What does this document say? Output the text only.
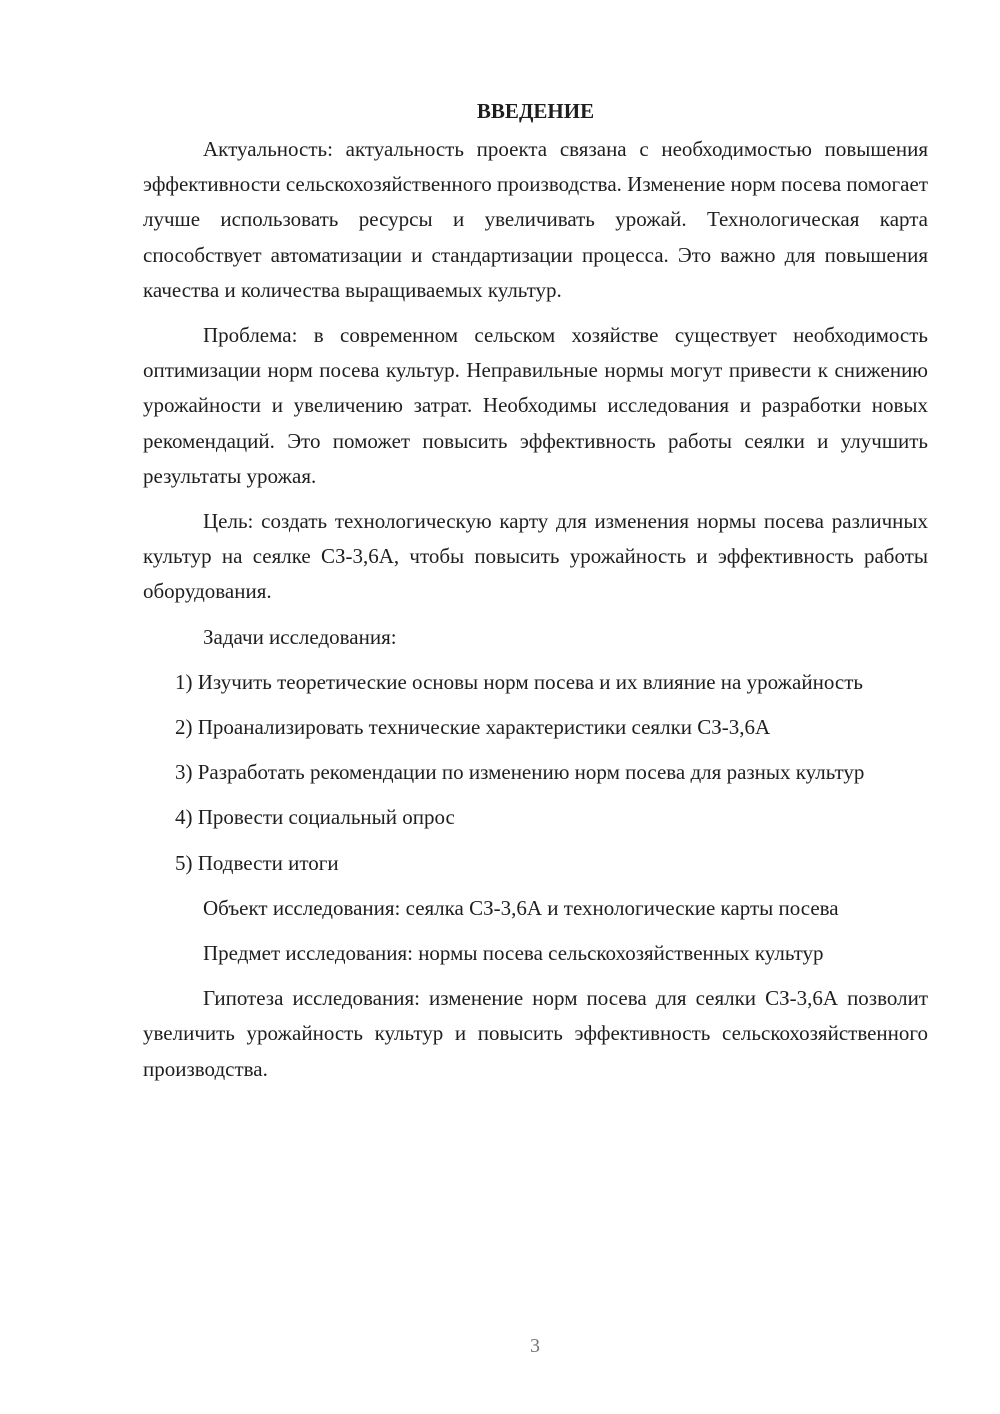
ВВЕДЕНИЕ

Актуальность: актуальность проекта связана с необходимостью повышения эффективности сельскохозяйственного производства. Изменение норм посева помогает лучше использовать ресурсы и увеличивать урожай. Технологическая карта способствует автоматизации и стандартизации процесса. Это важно для повышения качества и количества выращиваемых культур.

Проблема: в современном сельском хозяйстве существует необходимость оптимизации норм посева культур. Неправильные нормы могут привести к снижению урожайности и увеличению затрат. Необходимы исследования и разработки новых рекомендаций. Это поможет повысить эффективность работы сеялки и улучшить результаты урожая.

Цель: создать технологическую карту для изменения нормы посева различных культур на сеялке СЗ-3,6А, чтобы повысить урожайность и эффективность работы оборудования.

Задачи исследования:

1) Изучить теоретические основы норм посева и их влияние на урожайность

2) Проанализировать технические характеристики сеялки СЗ-3,6А

3) Разработать рекомендации по изменению норм посева для разных культур

4) Провести социальный опрос

5) Подвести итоги

Объект исследования: сеялка СЗ-3,6А и технологические карты посева

Предмет исследования: нормы посева сельскохозяйственных культур

Гипотеза исследования: изменение норм посева для сеялки СЗ-3,6А позволит увеличить урожайность культур и повысить эффективность сельскохозяйственного производства.

3
